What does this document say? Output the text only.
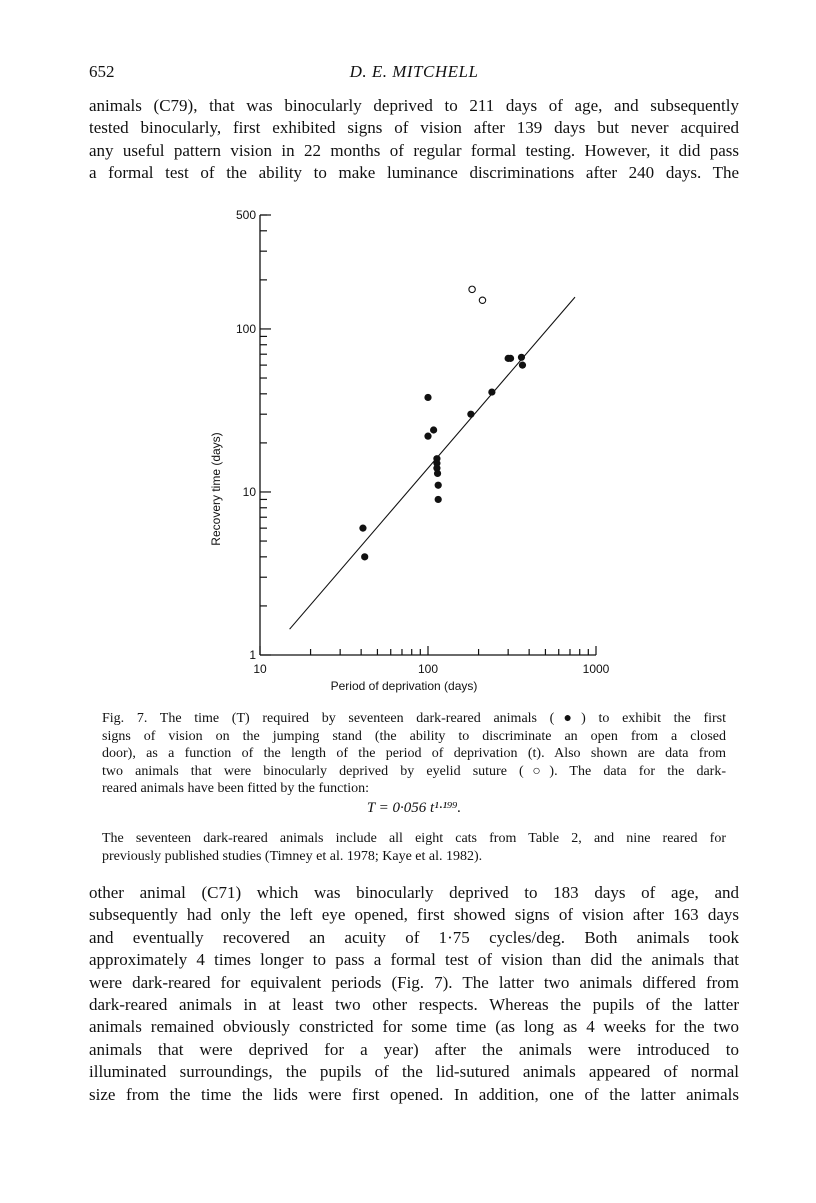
652	D. E. MITCHELL
animals (C79), that was binocularly deprived to 211 days of age, and subsequently
tested binocularly, first exhibited signs of vision after 139 days but never acquired
any useful pattern vision in 22 months of regular formal testing. However, it did pass
a formal test of the ability to make luminance discriminations after 240 days. The
10	100	1000
1
10
100
500
Period of deprivation (days)
Recovery time (days)
Fig. 7. The time (T) required by seventeen dark-reared animals (●) to exhibit the first
signs of vision on the jumping stand (the ability to discriminate an open from a closed
door), as a function of the length of the period of deprivation (t). Also shown are data from
two animals that were binocularly deprived by eyelid suture (○). The data for the dark-
reared animals have been fitted by the function:
T = 0·056 t¹·¹⁹⁹.
The seventeen dark-reared animals include all eight cats from Table 2, and nine reared for
previously published studies (Timney et al. 1978; Kaye et al. 1982).
other animal (C71) which was binocularly deprived to 183 days of age, and
subsequently had only the left eye opened, first showed signs of vision after 163 days
and eventually recovered an acuity of 1·75 cycles/deg. Both animals took
approximately 4 times longer to pass a formal test of vision than did the animals that
were dark-reared for equivalent periods (Fig. 7). The latter two animals differed from
dark-reared animals in at least two other respects. Whereas the pupils of the latter
animals remained obviously constricted for some time (as long as 4 weeks for the two
animals that were deprived for a year) after the animals were introduced to
illuminated surroundings, the pupils of the lid-sutured animals appeared of normal
size from the time the lids were first opened. In addition, one of the latter animals
